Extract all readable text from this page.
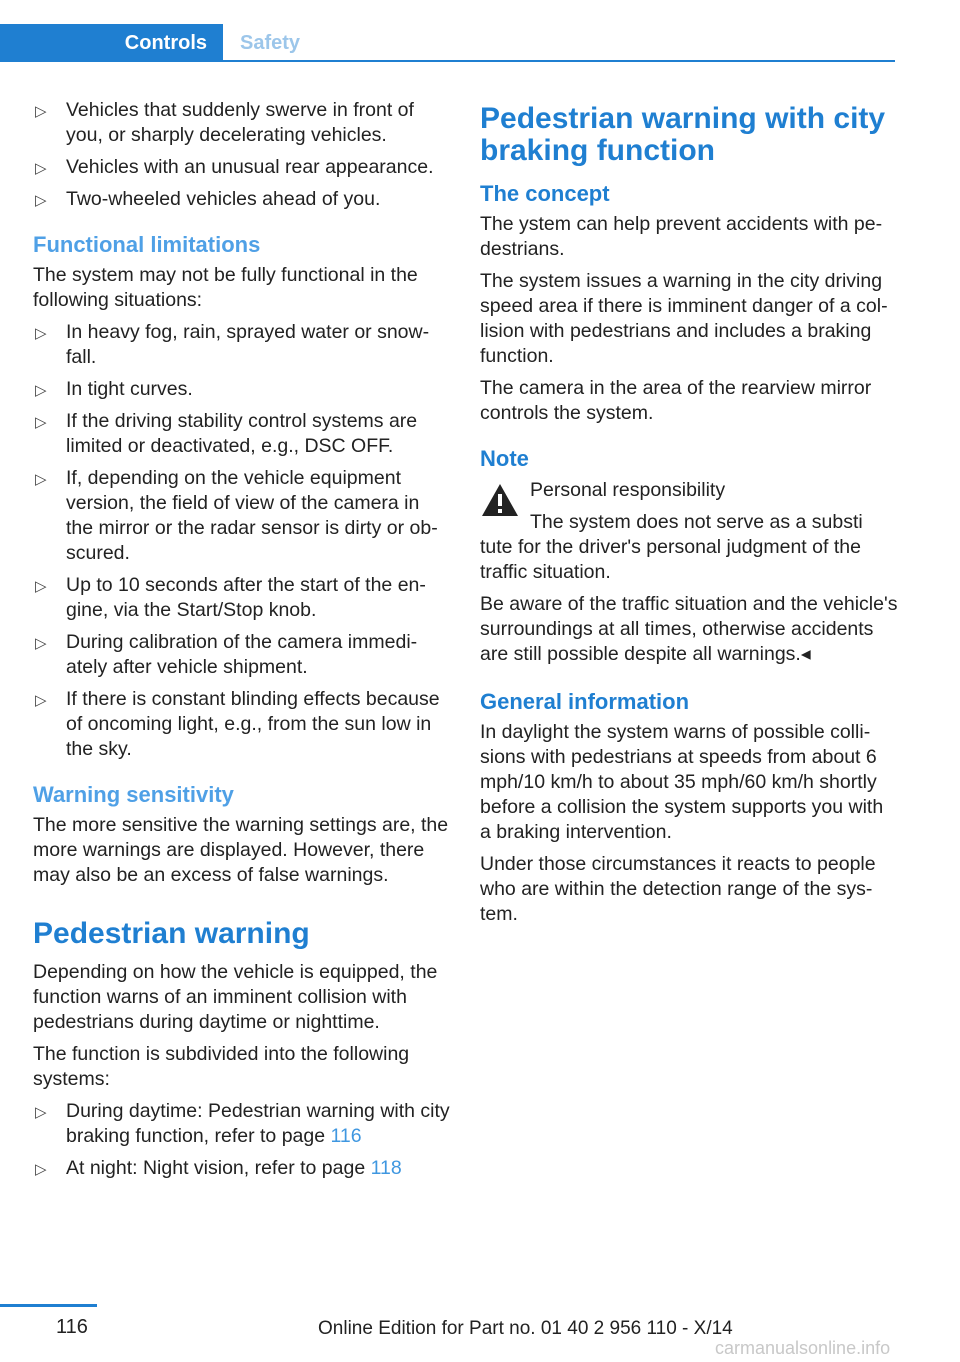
Controls	Safety
▷ Vehicles that suddenly swerve in front of you, or sharply decelerating vehicles.
▷ Vehicles with an unusual rear appearance.
▷ Two-wheeled vehicles ahead of you.
Functional limitations

The system may not be fully functional in the following situations:

▷ In heavy fog, rain, sprayed water or snowfall.
▷ In tight curves.
▷ If the driving stability control systems are limited or deactivated, e.g., DSC OFF.
▷ If, depending on the vehicle equipment version, the field of view of the camera in the mirror or the radar sensor is dirty or obscured.
▷ Up to 10 seconds after the start of the engine, via the Start/Stop knob.
▷ During calibration of the camera immediately after vehicle shipment.
▷ If there is constant blinding effects because of oncoming light, e.g., from the sun low in the sky.
Warning sensitivity

The more sensitive the warning settings are, the more warnings are displayed. However, there may also be an excess of false warnings.

Pedestrian warning

Depending on how the vehicle is equipped, the function warns of an imminent collision with pedestrians during daytime or nighttime.

The function is subdivided into the following systems:

▷ During daytime: Pedestrian warning with city braking function, refer to page 116
▷ At night: Night vision, refer to page 118
Pedestrian warning with city braking function
The concept

The ystem can help prevent accidents with pedestrians.

The system issues a warning in the city driving speed area if there is imminent danger of a collision with pedestrians and includes a braking function.

The camera in the area of the rearview mirror controls the system.

Note

Personal responsibility

The system does not serve as a substi

tute for the driver's personal judgment of the traffic situation.

Be aware of the traffic situation and the vehicle's surroundings at all times, otherwise accidents are still possible despite all warnings.◂

General information

In daylight the system warns of possible collisions with pedestrians at speeds from about 6 mph/10 km/h to about 35 mph/60 km/h shortly before a collision the system supports you with a braking intervention.

Under those circumstances it reacts to people who are within the detection range of the system.

116	Online Edition for Part no. 01 40 2 956 110 - X/14
carmanualsonline.info
